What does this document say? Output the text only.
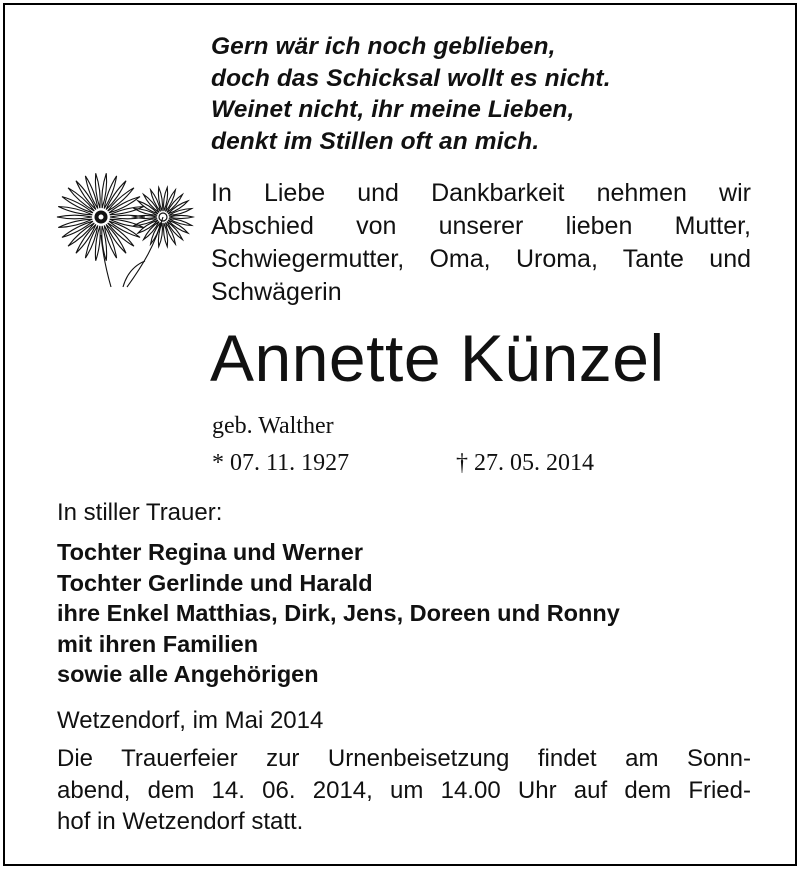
Gern wär ich noch geblieben,
doch das Schicksal wollt es nicht.
Weinet nicht, ihr meine Lieben,
denkt im Stillen oft an mich.
In Liebe und Dankbarkeit nehmen wir
Abschied von unserer lieben Mutter,
Schwiegermutter, Oma, Uroma, Tante und
Schwägerin
Annette Künzel
geb. Walther
* 07. 11. 1927	† 27. 05. 2014
In stiller Trauer:
Tochter Regina und Werner
Tochter Gerlinde und Harald
ihre Enkel Matthias, Dirk, Jens, Doreen und Ronny
mit ihren Familien
sowie alle Angehörigen
Wetzendorf, im Mai 2014
Die Trauerfeier zur Urnenbeisetzung findet am Sonn-
abend, dem 14. 06. 2014, um 14.00 Uhr auf dem Fried-
hof in Wetzendorf statt.
